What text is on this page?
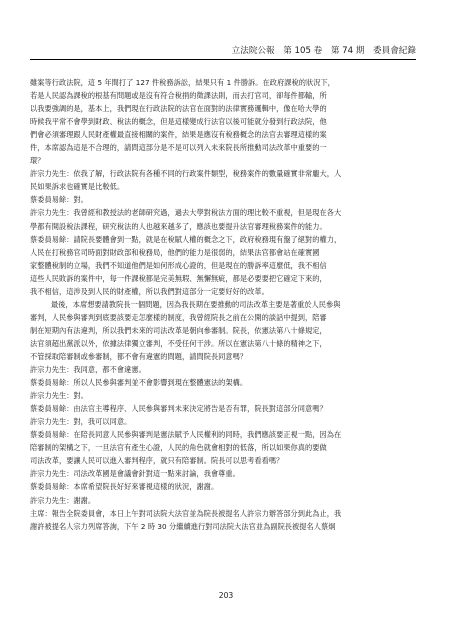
立法院公報　第 105 卷　第 74 期　委員會紀錄
雖案等行政法院，這 5 年間打了 127 件稅務訴訟，結果只有 1 件勝訴。在政府課稅的狀況下，
若是人民認為課稅的根基有問題或是沒有符合稅捐的徵課法則，而去打官司，卻每件都輸，所
以我要強調的是，基本上，我們現在行政法院的法官在面對的法律實務邏輯中，像在哈大學的
時候我平常不會學到財政、稅法的概念，但是這樣變成行法官以後可能就分發到行政法院，他
們會必須審理跟人民財產權最直接相關的案件，結果是應沒有稅務概念的法官去審理這樣的案
件，本席認為這是不合理的，請問這部分是不是可以列入未來院長所推動司法改革中重要的一
環？
許宗力先生：依我了解，行政法院有各種不同的行政案件類型，稅務案件的數量確實非常龐大，人
民如果訴求也確實是比較低。
蔡委員易餘：對。
許宗力先生：我曾經和教授法的老師研究過，過去大學對稅法方面的理比較不重視，但是現在各大
學都有開設稅法課程，研究稅法的人也越來越多了，應該也要提升法官審理稅務案件的能力。
蔡委員易餘：請院長要體會到一點，就是在稅賦人權的概念之下，政府稅務現有盤了絕對的權力，
人民在打稅務官司時面對財政部和稅務局，他們的能力是很弱的，結果法官都會站在確實國
家整體稅制的立場，我們不知道他們是如何形成心證的，但是現在的勝訴率這麼低，我不相信
這些人民敗訴的案件中，每一件課稅都是完美無瑕、無懈無疵，都是必要要把它確定下來的，
我不相信，這涉及到人民的財產權，所以我們對這部分一定要好好的改革。
最後，本席想要請教院長一個問題，因為我長期在要推動的司法改革主要是著重於人民參與
審判，人民參與審判到底要該要走怎麼樣的制度，我曾經院長之前在公開的談話中提到，陪審
制在短期內有法違判，所以我們未來的司法改革是朝向參審制。院長，依憲法第八十條規定，
法官須超出黨派以外，依據法律獨立審判，不受任何干涉。所以在憲法第八十條的精神之下，
不管採取陪審制或參審制，都不會有違憲的問題，請問院長同意嗎？
許宗力先生：我同意，都不會違憲。
蔡委員易餘：所以人民參與審判並不會影響到現在整體憲法的架構。
許宗力先生：對。
蔡委員易餘：由法官主導程序、人民參與審判未來決定將告是否有罪，院長對這部分同意嗎？
許宗力先生：對，我可以同意。
蔡委員易餘：在陪長同意人民參與審判是憲法賦予人民權利的同時，我們應該要正視一點，因為在
陪審制的架構之下，一旦法官有產生心證，人民的角色就會相對的低落，所以如果你真的要做
司法改革，要讓人民可以進入審判程序，就只有陪審制。院長可以思考看看嗎？
許宗力先生：司法改革國是會議會針對這一點來討論，我會尊重。
蔡委員易餘：本席希望院長好好來審視這樣的狀況，謝謝。
許宗力先生：謝謝。
主席：報告全院委員會，本日上午對司法院大法官並為院長被提名人許宗力辦答部分到此為止，我
謝許被提名人宗力列席答詢，下午 2 時 30 分繼續進行對司法院大法官並為副院長被提名人蔡炯
203
